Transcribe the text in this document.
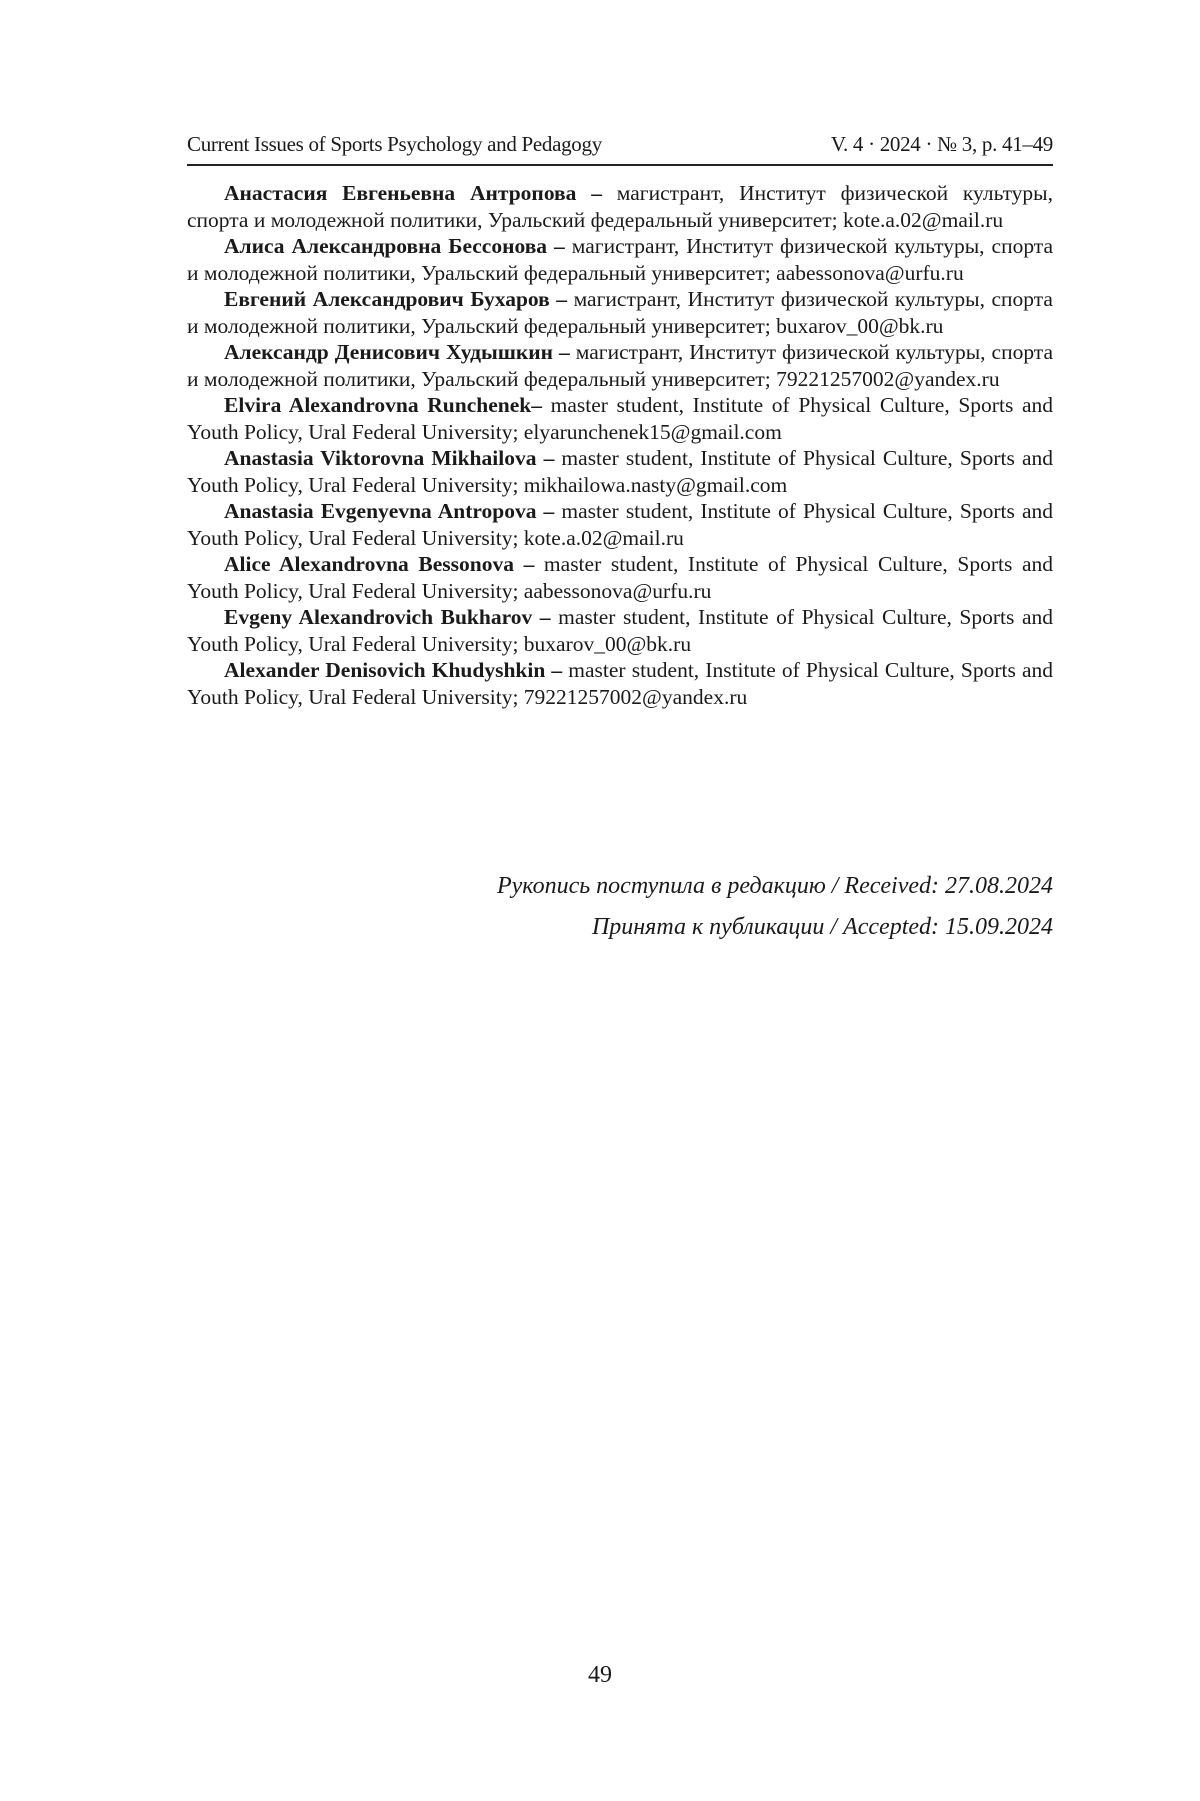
Current Issues of Sports Psychology and Pedagogy	V. 4 · 2024 · № 3, p. 41–49

Анастасия Евгеньевна Антропова – магистрант, Институт физической культуры, спорта и молодежной политики, Уральский федеральный университет; kote.a.02@mail.ru

Алиса Александровна Бессонова – магистрант, Институт физической культуры, спорта и молодежной политики, Уральский федеральный университет; aabessonova@urfu.ru

Евгений Александрович Бухаров – магистрант, Институт физической культуры, спорта и молодежной политики, Уральский федеральный университет; buxarov_00@bk.ru

Александр Денисович Худышкин – магистрант, Институт физической культуры, спорта и молодежной политики, Уральский федеральный университет; 79221257002@yandex.ru

Elvira Alexandrovna Runchenek– master student, Institute of Physical Culture, Sports and Youth Policy, Ural Federal University; elyarunchenek15@gmail.com

Anastasia Viktorovna Mikhailova – master student, Institute of Physical Culture, Sports and Youth Policy, Ural Federal University; mikhailowa.nasty@gmail.com

Anastasia Evgenyevna Antropova – master student, Institute of Physical Culture, Sports and Youth Policy, Ural Federal University; kote.a.02@mail.ru

Alice Alexandrovna Bessonova – master student, Institute of Physical Culture, Sports and Youth Policy, Ural Federal University; aabessonova@urfu.ru

Evgeny Alexandrovich Bukharov – master student, Institute of Physical Culture, Sports and Youth Policy, Ural Federal University; buxarov_00@bk.ru

Alexander Denisovich Khudyshkin – master student, Institute of Physical Culture, Sports and Youth Policy, Ural Federal University; 79221257002@yandex.ru

Рукопись поступила в редакцию / Received: 27.08.2024
Принята к публикации / Accepted: 15.09.2024
49
